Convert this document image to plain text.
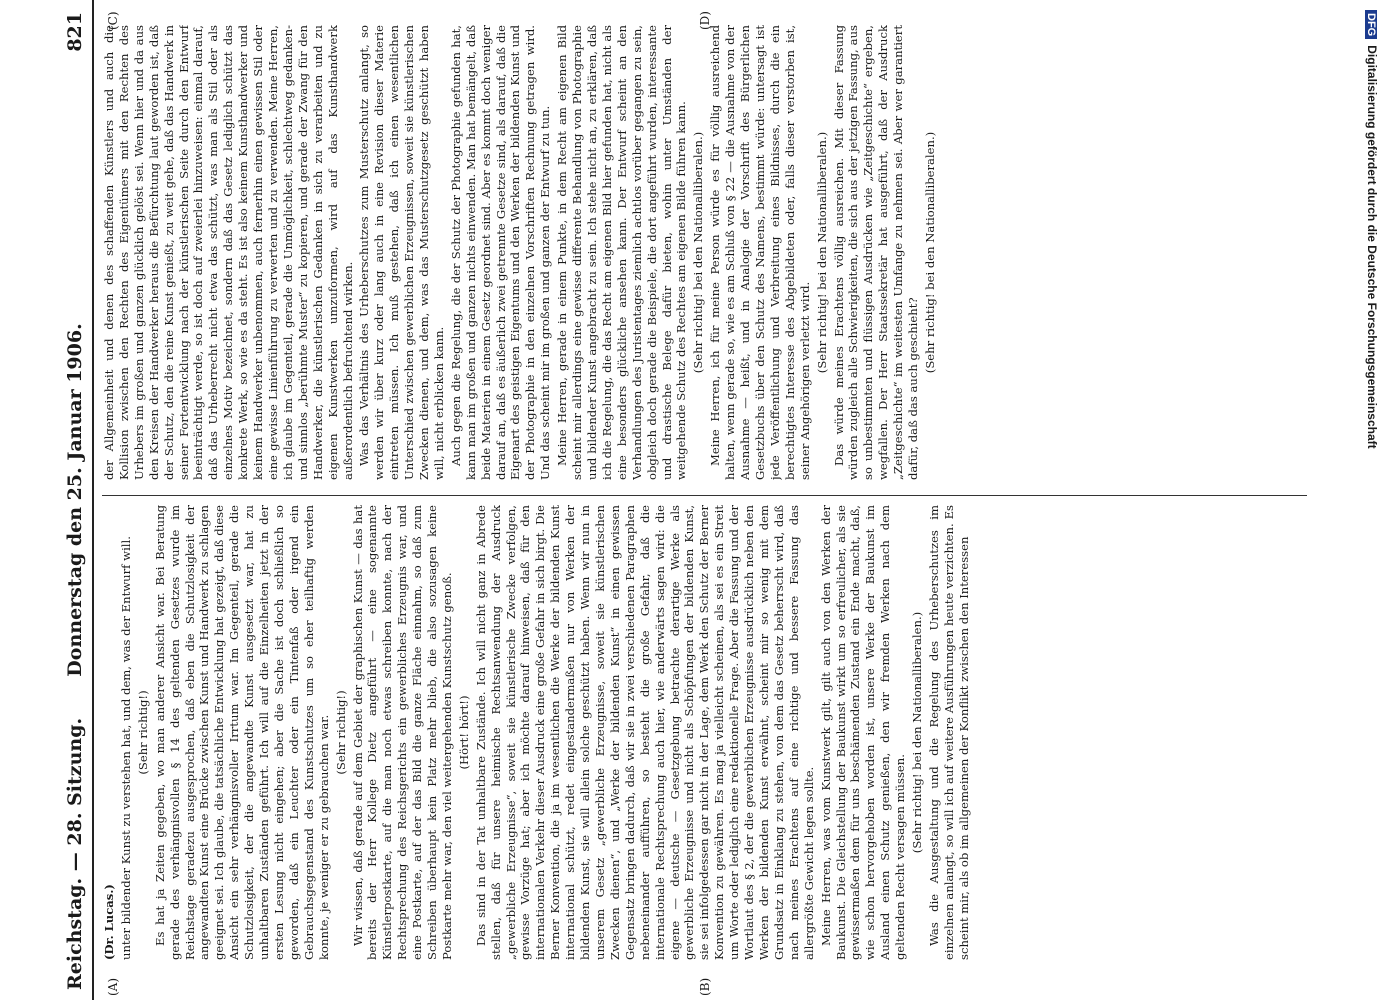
Reichstag. — 28. Sitzung.
Donnerstag den 25. Januar 1906.
821
(A)	(B)
(C)	(D)

(Dr. Lucas.) unter bildender Kunst zu verstehen hat, und dem, was der Entwurf will. (Sehr richtig!) Es hat ja Zeiten gegeben, wo man anderer Ansicht war. Bei Beratung gerade des verhängnisvollen § 14 des geltenden Gesetzes wurde im Reichstage geradezu ausgesprochen, daß eben die Schutzlosigkeit der angewandten Kunst eine Brücke zwischen Kunst und Handwerk zu schlagen geeignet sei. Ich glaube, die tatsächliche Entwicklung hat gezeigt, daß diese Ansicht ein sehr verhängnisvoller Irrtum war. Im Gegenteil, gerade die Schutzlosigkeit, der die angewandte Kunst ausgesetzt war, hat zu unhaltbaren Zuständen geführt. Ich will auf die Einzelheiten jetzt in der ersten Lesung nicht eingehen; aber die Sache ist doch schließlich so geworden, daß ein Leuchter oder ein Tintenfaß oder irgend ein Gebrauchsgegenstand des Kunstschutzes um so eher teilhaftig werden konnte, je weniger er zu gebrauchen war. (Sehr richtig!) Wir wissen, daß gerade auf dem Gebiet der graphischen Kunst — das hat bereits der Herr Kollege Dietz angeführt — eine sogenannte Künstlerpostkarte, auf die man noch etwas schreiben konnte, nach der Rechtsprechung des Reichsgerichts ein gewerbliches Erzeugnis war, und eine Postkarte, auf der das Bild die ganze Fläche einnahm, so daß zum Schreiben überhaupt kein Platz mehr blieb, die also sozusagen keine Postkarte mehr war, den viel weitergehenden Kunstschutz genoß. (Hört! hört!) Das sind in der Tat unhaltbare Zustände. Ich will nicht ganz in Abrede stellen, daß für unsere heimische Rechtsanwendung der Ausdruck „gewerbliche Erzeugnisse“, soweit sie künstlerische Zwecke verfolgen, gewisse Vorzüge hat; aber ich möchte darauf hinweisen, daß für den internationalen Verkehr dieser Ausdruck eine große Gefahr in sich birgt. Die Berner Konvention, die ja im wesentlichen die Werke der bildenden Kunst international schützt, redet eingestandermaßen nur von Werken der bildenden Kunst, sie will allein solche geschützt haben. Wenn wir nun in unserem Gesetz „gewerbliche Erzeugnisse, soweit sie künstlerischen Zwecken dienen“, und „Werke der bildenden Kunst“ in einen gewissen Gegensatz bringen dadurch, daß wir sie in zwei verschiedenen Paragraphen nebeneinander aufführen, so besteht die große Gefahr, daß die internationale Rechtsprechung auch hier, wie anderwärts sagen wird: die eigene — deutsche — Gesetzgebung betrachte derartige Werke als gewerbliche Erzeugnisse und nicht als Schöpfungen der bildenden Kunst, sie sei infolgedessen gar nicht in der Lage, dem Werk den Schutz der Berner Konvention zu gewähren. Es mag ja vielleicht scheinen, als sei es ein Streit um Worte oder lediglich eine redaktionelle Frage. Aber die Fassung und der Wortlaut des § 2, der die gewerblichen Erzeugnisse ausdrücklich neben den Werken der bildenden Kunst erwähnt, scheint mir so wenig mit dem Grundsatz in Einklang zu stehen, von dem das Gesetz beherrscht wird, daß nach meines Erachtens auf eine richtige und bessere Fassung das allergrößte Gewicht legen sollte. Meine Herren, was vom Kunstwerk gilt, gilt auch von den Werken der Baukunst. Die Gleichstellung der Baukunst wirkt um so erfreulicher, als sie gewissermaßen dem für uns beschämenden Zustand ein Ende macht, daß, wie schon hervorgehoben worden ist, unsere Werke der Baukunst im Ausland einen Schutz genießen, den wir fremden Werken nach dem geltenden Recht versagen müssen.

(Sehr richtig! bei den Nationalliberalen.) Was die Ausgestaltung und die Regelung des Urheberschutzes im einzelnen anlangt, so will ich auf weitere Ausführungen heute verzichten. Es scheint mir, als ob im allgemeinen der Konflikt zwischen den Interessen

der Allgemeinheit und denen des schaffenden Künstlers und auch die Kollision zwischen den Rechten des Eigentümers mit den Rechten des Urhebers im großen und ganzen glücklich gelöst sei. Wenn hier und da aus den Kreisen der Handwerker heraus die Befürchtung laut geworden ist, daß der Schutz, den die reine Kunst genießt, zu weit gehe, daß das Handwerk in seiner Fortentwicklung nach der künstlerischen Seite durch den Entwurf beeinträchtigt werde, so ist doch auf zweierlei hinzuweisen: einmal darauf, daß das Urheberrecht nicht etwa das schützt, was man als Stil oder als einzelnes Motiv bezeichnet, sondern daß das Gesetz lediglich schützt das konkrete Werk, so wie es da steht. Es ist also keinem Kunsthandwerker und keinem Handwerker unbenommen, auch fernerhin einen gewissen Stil oder eine gewisse Linienführung zu verwerten und zu verwenden. Meine Herren, ich glaube im Gegenteil, gerade die Unmöglichkeit, schlechtweg gedanken- und sinnlos „berühmte Muster“ zu kopieren, und gerade der Zwang für den Handwerker, die künstlerischen Gedanken in sich zu verarbeiten und zu eigenen Kunstwerken umzuformen, wird auf das Kunsthandwerk außerordentlich befruchtend wirken. Was das Verhältnis des Urheberschutzes zum Musterschutz anlangt, so werden wir über kurz oder lang auch in eine Revision dieser Materie eintreten müssen. Ich muß gestehen, daß ich einen wesentlichen Unterschied zwischen gewerblichen Erzeugnissen, soweit sie künstlerischen Zwecken dienen, und dem, was das Musterschutzgesetz geschützt haben will, nicht erblicken kann. Auch gegen die Regelung, die der Schutz der Photographie gefunden hat, kann man im großen und ganzen nichts einwenden. Man hat bemängelt, daß beide Materien in einem Gesetz geordnet sind. Aber es kommt doch weniger darauf an, daß es äußerlich zwei getrennte Gesetze sind, als darauf, daß die Eigenart des geistigen Eigentums und den Werken der bildenden Kunst und der Photographie in den einzelnen Vorschriften Rechnung getragen wird. Und das scheint mir im großen und ganzen der Entwurf zu tun. Meine Herren, gerade in einem Punkte, in dem Recht am eigenen Bild scheint mir allerdings eine gewisse differente Behandlung von Photographie und bildender Kunst angebracht zu sein. Ich stehe nicht an, zu erklären, daß ich die Regelung, die das Recht am eigenen Bild hier gefunden hat, nicht als eine besonders glückliche ansehen kann. Der Entwurf scheint an den Verhandlungen des Juristentages ziemlich achtlos vorüber gegangen zu sein, obgleich doch gerade die Beispiele, die dort angeführt wurden, interessante und drastische Belege dafür bieten, wohin unter Umständen der weitgehende Schutz des Rechtes am eigenen Bilde führen kann. (Sehr richtig! bei den Nationalliberalen.) Meine Herren, ich für meine Person würde es für völlig ausreichend halten, wenn gerade so, wie es am Schluß von § 22 — die Ausnahme von der Ausnahme — heißt, und in Analogie der Vorschrift des Bürgerlichen Gesetzbuchs über den Schutz des Namens, bestimmt würde: untersagt ist jede Veröffentlichung und Verbreitung eines Bildnisses, durch die ein berechtigtes Interesse des Abgebildeten oder, falls dieser verstorben ist, seiner Angehörigen verletzt wird.

(Sehr richtig! bei den Nationalliberalen.) Das würde meines Erachtens völlig ausreichen. Mit dieser Fassung würden zugleich alle Schwierigkeiten, die sich aus der jetzigen Fassung, aus so unbestimmten und flüssigen Ausdrücken wie „Zeitgeschichte“ ergeben, wegfallen. Der Herr Staatssekretär hat ausgeführt, daß der Ausdruck „Zeitgeschichte“ im weitesten Umfange zu nehmen sei. Aber wer garantiert dafür, daß das auch geschieht?

(Sehr richtig! bei den Nationalliberalen.)

DFGDigitalisierung gefördert durch die Deutsche Forschungsgemeinschaft
